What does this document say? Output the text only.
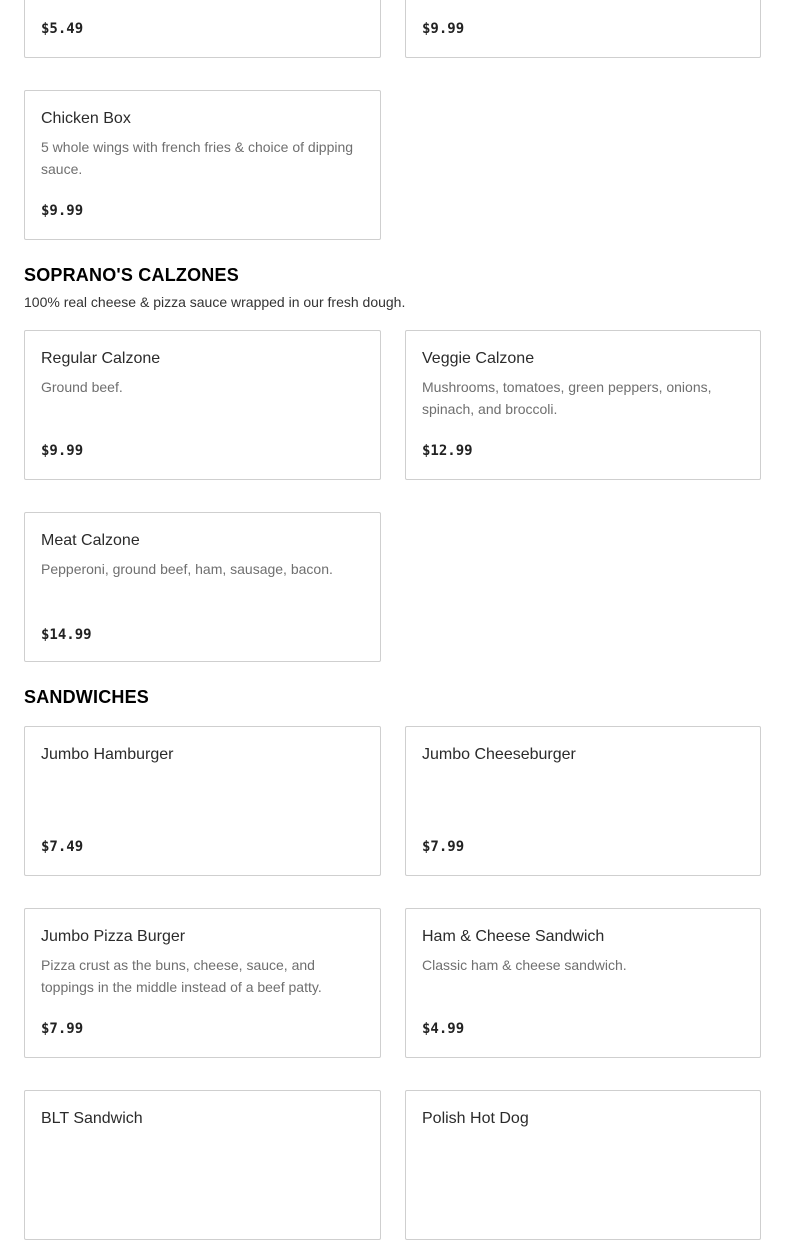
$5.49	$9.99
Chicken Box
5 whole wings with french fries & choice of dipping sauce.
$9.99
SOPRANO'S CALZONES

100% real cheese & pizza sauce wrapped in our fresh dough.

Regular Calzone
Ground beef.
$9.99
Veggie Calzone
Mushrooms, tomatoes, green peppers, onions, spinach, and broccoli.
$12.99
Meat Calzone
Pepperoni, ground beef, ham, sausage, bacon.
$14.99
SANDWICHES
Jumbo Hamburger
$7.49
Jumbo Cheeseburger
$7.99
Jumbo Pizza Burger
Pizza crust as the buns, cheese, sauce, and toppings in the middle instead of a beef patty.
$7.99
Ham & Cheese Sandwich
Classic ham & cheese sandwich.
$4.99
BLT Sandwich	Polish Hot Dog
